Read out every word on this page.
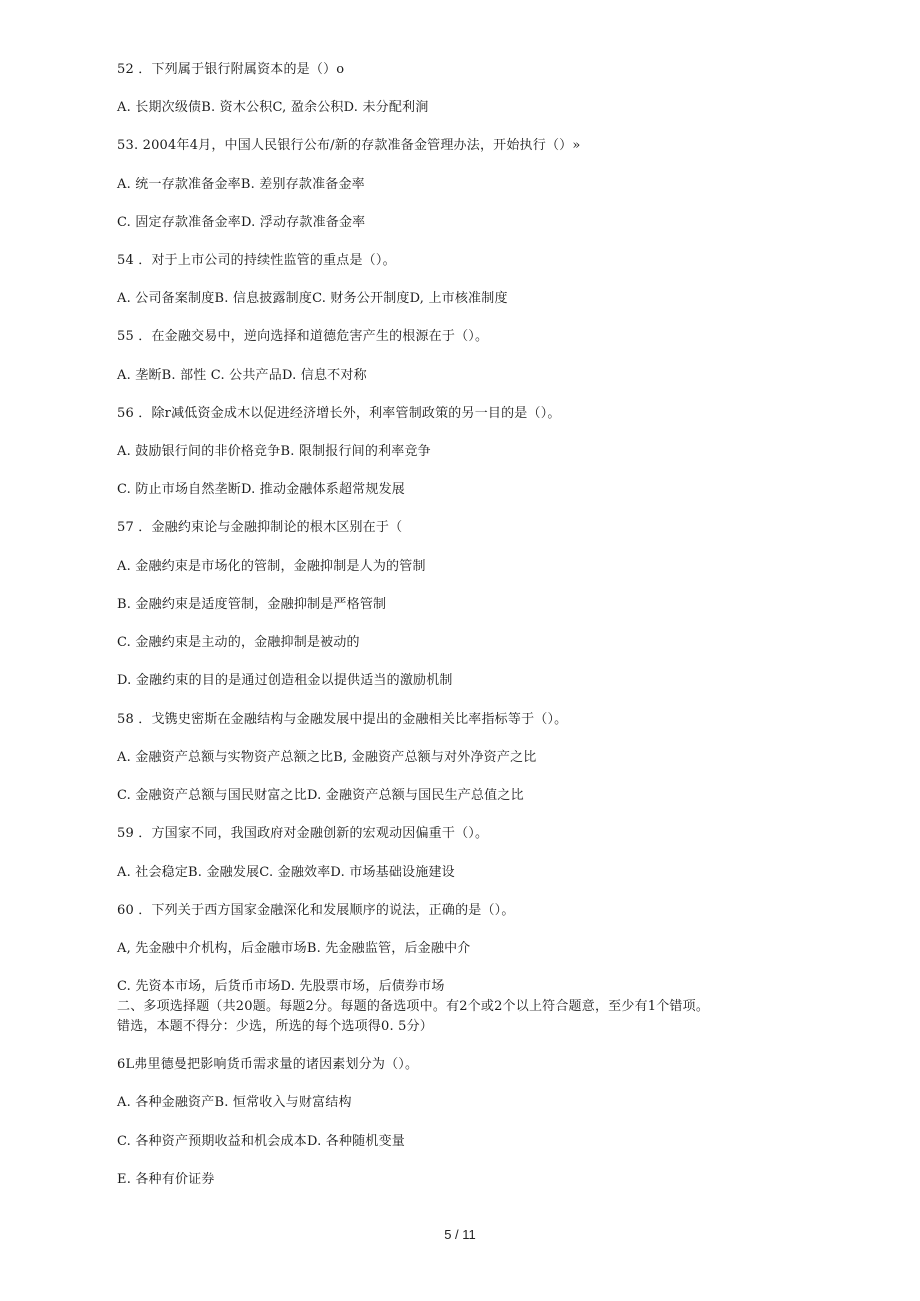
52 ．下列属于银行附属资本的是（）o
A. 长期次级债B. 资木公积C, 盈余公积D. 未分配利涧
53. 2004年4月，中国人民银行公布/新的存款准备金管理办法，开始执行（）»
A. 统一存款准备金率B. 差别存款准备金率
C. 固定存款准备金率D. 浮动存款准备金率
54 ．对于上市公司的持续性监管的重点是（）。
A. 公司备案制度B. 信息披露制度C. 财务公开制度D, 上市核准制度
55 ．在金融交易中，逆向选择和道德危害产生的根源在于（）。
A. 垄断B. 部性 C. 公共产品D. 信息不对称
56 ．除r减低资金成木以促进经济增长外，利率管制政策的另一目的是（）。
A. 鼓励银行间的非价格竞争B. 限制报行间的利率竞争
C. 防止市场自然垄断D. 推动金融体系超常规发展
57 ．金融约束论与金融抑制论的根木区别在于（
A. 金融约束是市场化的管制，金融抑制是人为的管制
B. 金融约束是适度管制，金融抑制是严格管制
C. 金融约束是主动的，金融抑制是被动的
D. 金融约束的目的是通过创造租金以提供适当的激励机制
58 ．戈镌史密斯在金融结构与金融发展中提出的金融相关比率指标等于（）。
A. 金融资产总额与实物资产总额之比B, 金融资产总额与对外净资产之比
C. 金融资产总额与国民财富之比D. 金融资产总额与国民生产总值之比
59 ．方国家不同，我国政府对金融创新的宏观动因偏重干（）。
A. 社会稳定B. 金融发展C. 金融效率D. 市场基础设施建设
60 ．下列关于西方国家金融深化和发展顺序的说法，正确的是（）。
A, 先金融中介机构，后金融市场B. 先金融监管，后金融中介
C. 先资本市场，后货币市场D. 先股票市场，后债券市场
二、多项选择题（共20题。每题2分。每题的备选项中。有2个或2个以上符合题意，至少有1个错项。
错选，本题不得分：少选，所选的每个选项得0. 5分）
6L弗里德曼把影响货币需求量的诸因素划分为（）。
A. 各种金融资产B. 恒常收入与财富结构
C. 各种资产预期收益和机会成本D. 各种随机变量
E. 各种有价证券
5 / 11
